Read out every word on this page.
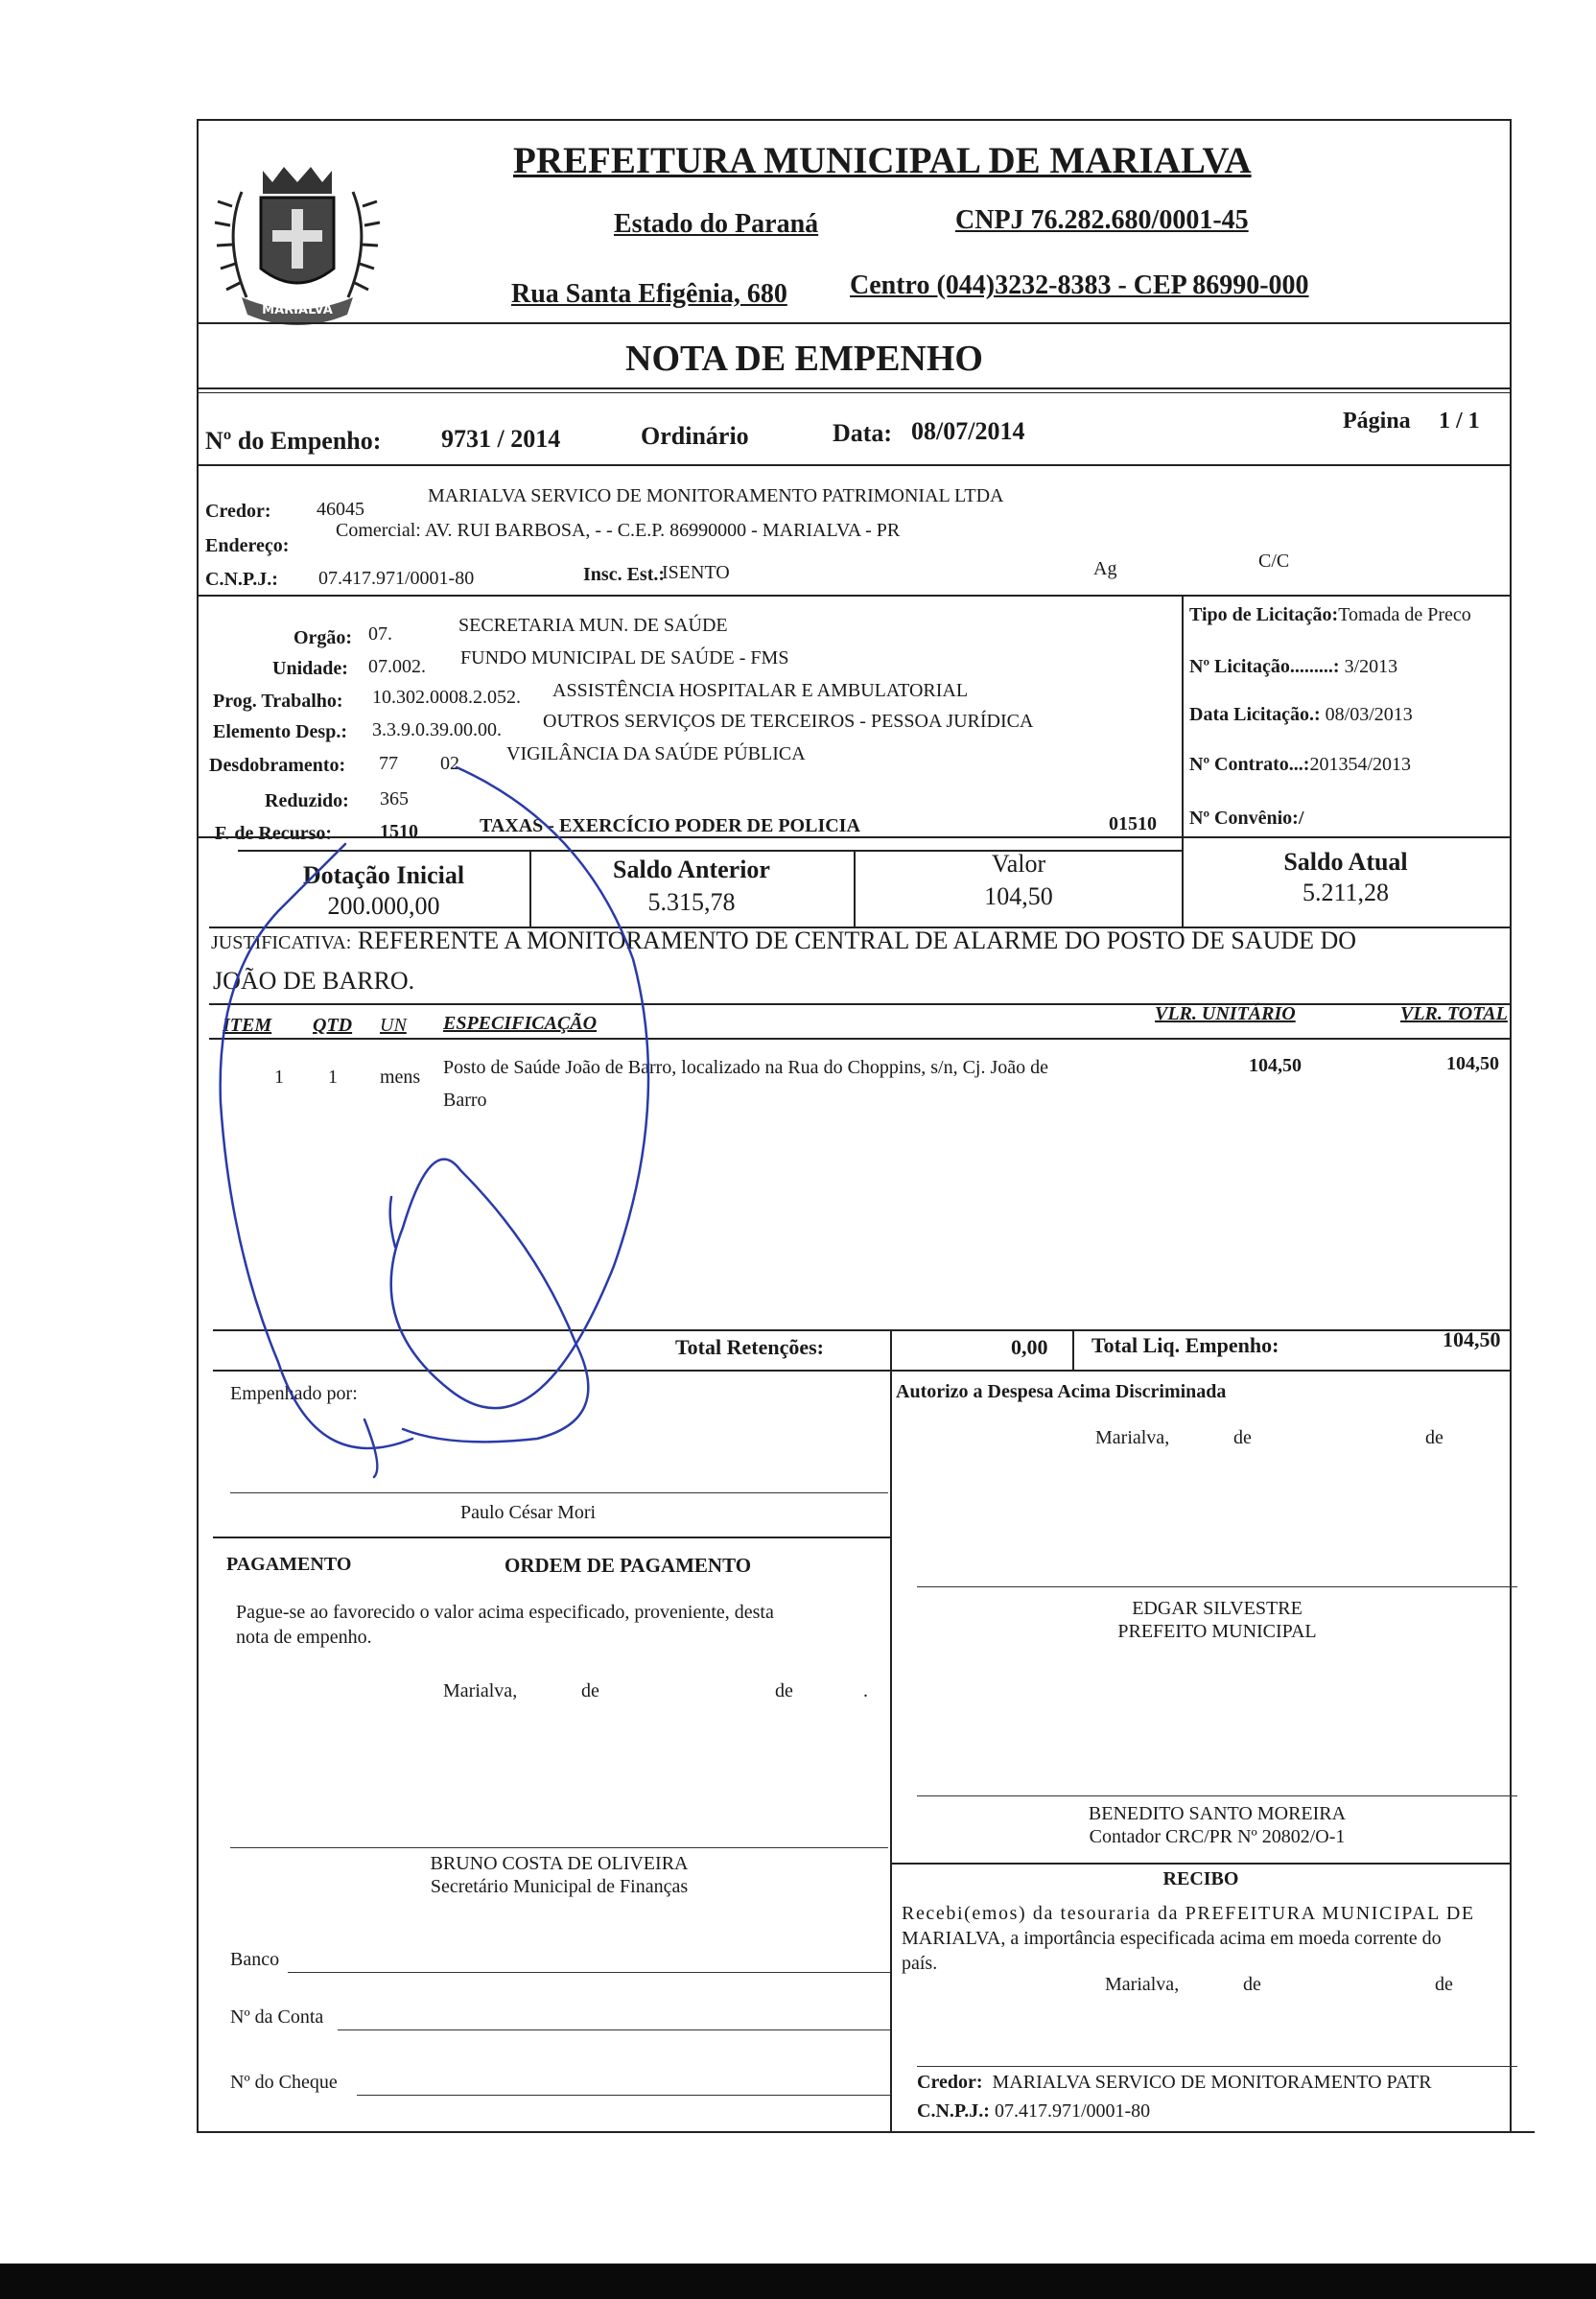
MARIALVA
PREFEITURA MUNICIPAL DE MARIALVA
Estado do Paraná	CNPJ 76.282.680/0001-45
Rua Santa Efigênia, 680 Centro (044)3232-8383 - CEP 86990-000
NOTA DE EMPENHO
Nº do Empenho: 9731 / 2014	Ordinário	Data: 08/07/2014	Página 1 / 1
Credor: 46045
MARIALVA SERVICO DE MONITORAMENTO PATRIMONIAL LTDA
Endereço:
Comercial: AV. RUI BARBOSA, - - C.E.P. 86990000 - MARIALVA - PR
C.N.P.J.: 07.417.971/0001-80	Insc. Est.:
ISENTO	Ag	C/C
Orgão: 07.	SECRETARIA MUN. DE SAÚDE
Unidade: 07.002. FUNDO MUNICIPAL DE SAÚDE - FMS
Prog. Trabalho: 10.302.0008.2.052. ASSISTÊNCIA HOSPITALAR E AMBULATORIAL
Elemento Desp.: 3.3.9.0.39.00.00. OUTROS SERVIÇOS DE TERCEIROS - PESSOA JURÍDICA
Desdobramento: 77 02 VIGILÂNCIA DA SAÚDE PÚBLICA
Reduzido: 365
F. de Recurso: 1510	TAXAS - EXERCÍCIO PODER DE POLICIA	01510
Tipo de Licitação:Tomada de Preco
Nº Licitação.........: 3/2013
Data Licitação.: 08/03/2013
Nº Contrato...:201354/2013
Nº Convênio:/
Dotação Inicial
200.000,00
Saldo Anterior
5.315,78
Valor
104,50
Saldo Atual
5.211,28
JUSTIFICATIVA: REFERENTE A MONITORAMENTO DE CENTRAL DE ALARME DO POSTO DE SAUDE DO
JOÃO DE BARRO.
ITEM QTD UN ESPECIFICAÇÃO	VLR. UNITÁRIO	VLR. TOTAL
1 1 mens Posto de Saúde João de Barro, localizado na Rua do Choppins, s/n, Cj. João de
Barro
104,50	104,50
Total Retenções:	0,00 Total Liq. Empenho:	104,50
Empenhado por:
Paulo César Mori
Autorizo a Despesa Acima Discriminada
Marialva,	de	de
PAGAMENTO	ORDEM DE PAGAMENTO
Pague-se ao favorecido o valor acima especificado, proveniente, desta
nota de empenho.
Marialva,	de	de	.
BRUNO COSTA DE OLIVEIRA
Secretário Municipal de Finanças
Banco
Nº da Conta
Nº do Cheque
EDGAR SILVESTRE
PREFEITO MUNICIPAL
BENEDITO SANTO MOREIRA
Contador CRC/PR Nº 20802/O-1
RECIBO
Recebi(emos) da tesouraria da PREFEITURA MUNICIPAL DE
MARIALVA, a importância especificada acima em moeda corrente do
país.
Marialva,	de	de
Credor: MARIALVA SERVICO DE MONITORAMENTO PATR
C.N.P.J.: 07.417.971/0001-80
